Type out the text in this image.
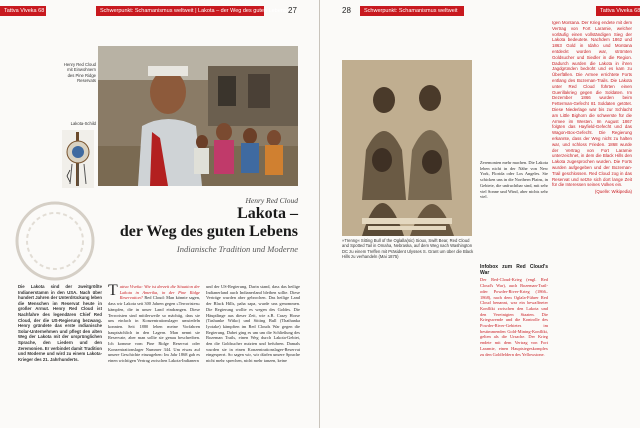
Tattva Viveka 68	Schwerpunkt: Schamanismus weltweit | Lakota – der Weg des guten Lebens 27
Henry Red Cloud mit Einwohnern des Pine Ridge Reservats
Lakota-Schild
Henry Red Cloud
Lakota –
der Weg des guten Lebens
Indianische Tradition und Moderne
Die Lakota sind der zweitgrößte Indianerstamm in den USA. Nach über hundert Jahren der Unterdrückung leben die Menschen im Reservat heute in großer Armut. Henry Red Cloud ist Nachfahre des legendären Chief Red Cloud, der die US-Regierung bezwang. Henry gründete das erste indianische Solar-Unternehmen und pflegt den alten Weg der Lakota mit der ursprünglichen Sprache, den Liedern und den Zeremonien. Er verbindet damit Tradition und Moderne und wird zu einem Lakota-Krieger des 21. Jahrhunderts.
T attva Viveka: Wie ist derzeit die Situation der Lakota in Amerika, in der Pine Ridge Reservation? Red Cloud: Man könnte sagen, dass wir Lakota seit 300 Jahren gegen »Terroristen« kämpfen, die in unser Land eindrangen. Diese Terroristen sind mittlerweile so mächtig, dass sie uns einfach in Konzentrationslager umsiedeln konnten. Seit 1880 leben meine Vorfahren hauptsächlich in den Lagern. Man nennt sie Reservate, aber man sollte sie genau beschreiben. Ich komme vom Pine Ridge Reservat oder Konzentrationslager Nummer 344. Um etwas auf unsere Geschichte einzugehen: Im Jahr 1868 gab es einen wichtigen Vertrag zwischen Lakota-Indianern
und der US-Regierung. Darin stand, dass das heilige Indianerland auch Indianerland bleiben sollte. Diese Verträge wurden aber gebrochen. Das heilige Land der Black Hills, paha sapa, wurde uns genommen. Die Regierung wollte es wegen des Goldes. Die Häuptlinge aus dieser Zeit, wie z.B. Crazy Horse (Tashunke Witko) und Sitting Bull (Thathanka Iyotake) kämpften im Red Clouds War gegen die Regierung. Dabei ging es um um die Schließung des Bozeman Trails, einen Weg durch Lakota-Gebiet, den die Goldsucher nutzten und befuhren. Damals wurden sie in einen Konzentrationslager-Reservat eingesperrt. So sagen wir, wir dürfen unsere Sprache nicht mehr sprechen, nicht mehr tanzen, keine
28	Schwerpunkt: Schamanismus weltweit	Tattva Viveka 68
»Trenng« Sitting Bull of the Oglalla(sic) Sioux, Swift Bear, Red Cloud and Spotted Tail in Omaha, Nebraska, auf dem Weg nach Washington DC zu einem Treffen mit Präsident Ulysses S. Grant um über die Black Hills zu verhandeln (Mai 1875)
Zeremonien mehr machen. Die Lakota leben nicht in der Nähe von New York, Florida oder Los Angeles. Sie schicken uns in die Northern Plains, in Gebiete, die unfruchtbar sind, mit sehr viel Sonne und Wind, aber nichts sehr viel.
Infobox zum Red Cloud's War
Der Red-Cloud-Krieg (engl. Red Cloud's War), auch Bozeman-Trail- oder Powder-River-Krieg (1866–1868), nach dem Oglala-Führer Red Cloud benannt, war ein bewaffneter Konflikt zwischen den Lakota und den Vereinigten Staaten. Die Kriegswende und die Kontrolle des Powder-River-Gebietes im bestimmenden Gold-Mining-Konflikt, gelten als die Ursache. Der Krieg endete mit dem Vertrag von Fort Laramie, einen Hauptsiegeskomplex zu den Goldfeldern des Yellowstone.
Igen Montana. Der Krieg endete mit dem Vertrag von Fort Laramie, welcher vorläufig einen vollständigen Sieg der Lakota bedeutete. Nachdem 1862 und 1863 Gold in Idaho und Montana entdeckt worden war, strömten Goldsucher und Siedler in die Region. Dadurch wurden die Lakota in ihren Jagdgründen bedroht und es kam zu Überfällen. Die Armee errichtete Forts entlang des Bozeman-Trails. Die Lakota unter Red Cloud führten einen Guerillakrieg gegen die Soldaten. Im Dezember 1866 wurden beim Fetterman-Gefecht 81 Soldaten getötet. Diese Niederlage war bis zur Schlacht am Little Bighorn die schwerste für die Armee im Westen. Im August 1867 folgten das Hayfield-Gefecht und das Wagon-Box-Gefecht. Die Regierung erkannte, dass der Weg nicht zu halten war, und schloss Frieden. 1868 wurde der Vertrag von Fort Laramie unterzeichnet, in dem die Black Hills den Lakota zugesprochen wurden. Die Forts wurden aufgegeben und der Bozeman-Trail geschlossen. Red Cloud zog in das Reservat und setzte sich dort lange Zeit für die Interessen seines Volkes ein.
(Quelle: Wikipedia)
